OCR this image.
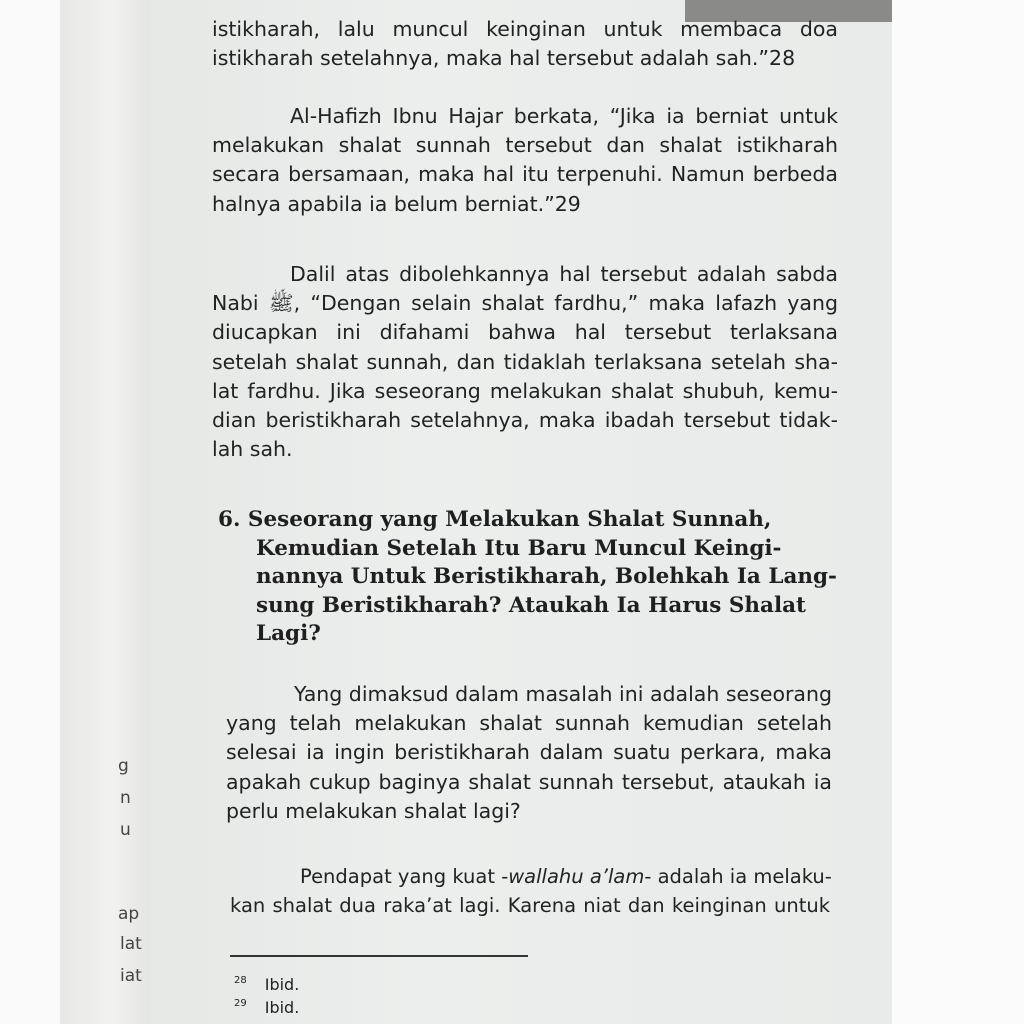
g
n
u
ap
lat
iat
istikharah, lalu muncul keinginan untuk membaca doa
istikharah setelahnya, maka hal tersebut adalah sah.”28
Al-Hafizh Ibnu Hajar berkata, “Jika ia berniat untuk
melakukan shalat sunnah tersebut dan shalat istikharah
secara bersamaan, maka hal itu terpenuhi. Namun berbeda
halnya apabila ia belum berniat.”29
Dalil atas dibolehkannya hal tersebut adalah sabda
Nabi ﷺ, “Dengan selain shalat fardhu,” maka lafazh yang
diucapkan ini difahami bahwa hal tersebut terlaksana
setelah shalat sunnah, dan tidaklah terlaksana setelah sha-
lat fardhu. Jika seseorang melakukan shalat shubuh, kemu-
dian beristikharah setelahnya, maka ibadah tersebut tidak-
lah sah.
6. Seseorang yang Melakukan Shalat Sunnah,
Kemudian Setelah Itu Baru Muncul Keingi-
nannya Untuk Beristikharah, Bolehkah Ia Lang-
sung Beristikharah? Ataukah Ia Harus Shalat
Lagi?
Yang dimaksud dalam masalah ini adalah seseorang
yang telah melakukan shalat sunnah kemudian setelah
selesai ia ingin beristikharah dalam suatu perkara, maka
apakah cukup baginya shalat sunnah tersebut, ataukah ia
perlu melakukan shalat lagi?
Pendapat yang kuat -wallahu a’lam- adalah ia melaku-
kan shalat dua raka’at lagi. Karena niat dan keinginan untuk
$^{28}$ Ibid.
$^{29}$ Ibid.
